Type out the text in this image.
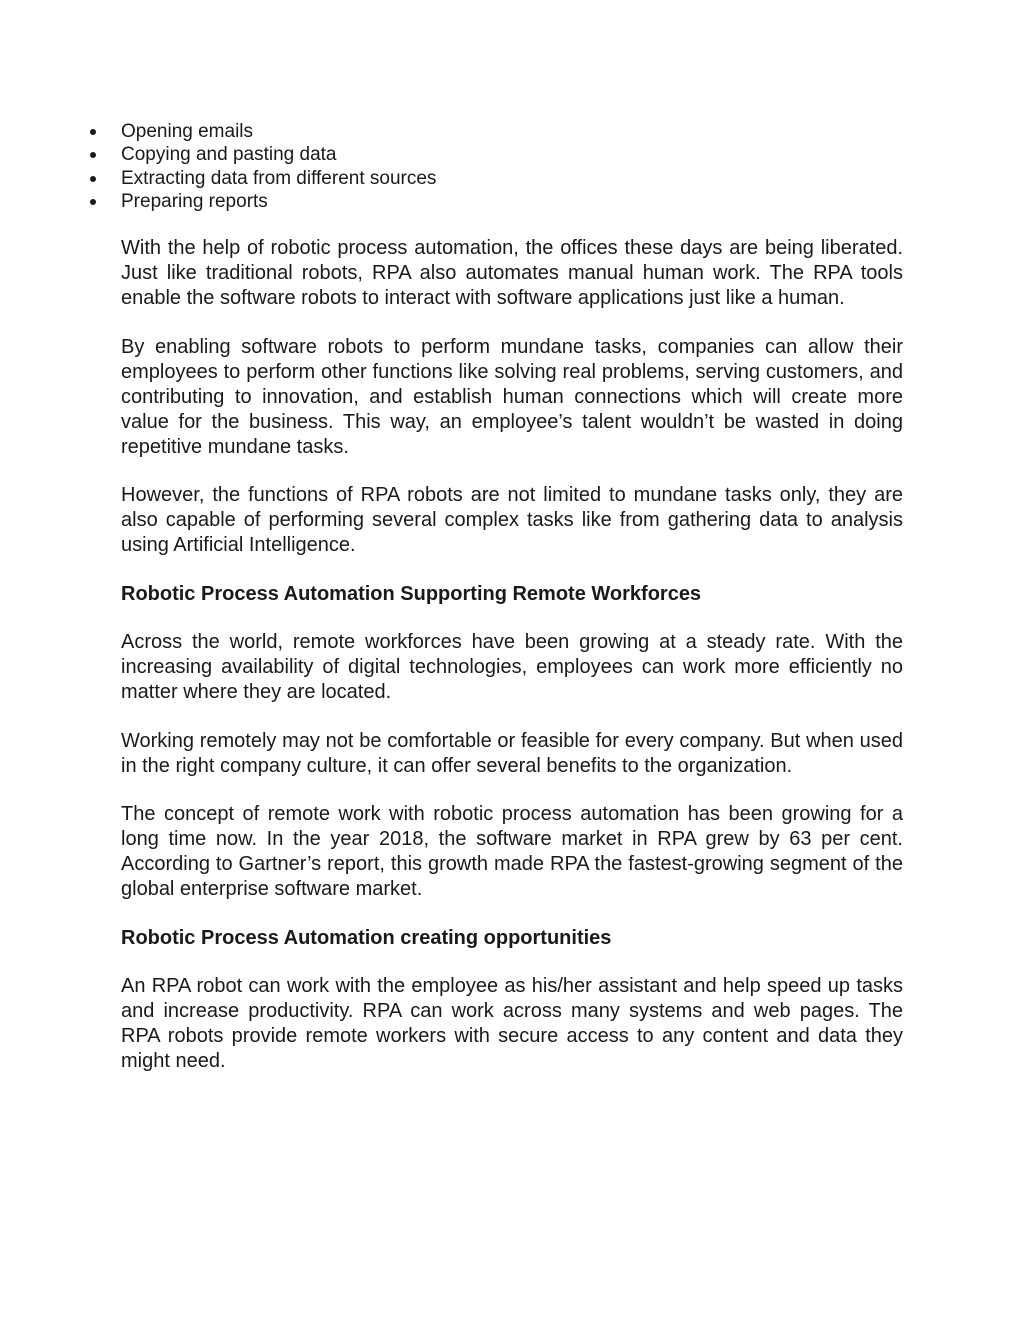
Opening emails
Copying and pasting data
Extracting data from different sources
Preparing reports

With the help of robotic process automation, the offices these days are being liberated. Just like traditional robots, RPA also automates manual human work. The RPA tools enable the software robots to interact with software applications just like a human.

By enabling software robots to perform mundane tasks, companies can allow their employees to perform other functions like solving real problems, serving customers, and contributing to innovation, and establish human connections which will create more value for the business. This way, an employee’s talent wouldn’t be wasted in doing repetitive mundane tasks.

However, the functions of RPA robots are not limited to mundane tasks only, they are also capable of performing several complex tasks like from gathering data to analysis using Artificial Intelligence.

Robotic Process Automation Supporting Remote Workforces

Across the world, remote workforces have been growing at a steady rate. With the increasing availability of digital technologies, employees can work more efficiently no matter where they are located.

Working remotely may not be comfortable or feasible for every company. But when used in the right company culture, it can offer several benefits to the organization.

The concept of remote work with robotic process automation has been growing for a long time now. In the year 2018, the software market in RPA grew by 63 per cent. According to Gartner’s report, this growth made RPA the fastest-growing segment of the global enterprise software market.

Robotic Process Automation creating opportunities

An RPA robot can work with the employee as his/her assistant and help speed up tasks and increase productivity. RPA can work across many systems and web pages. The RPA robots provide remote workers with secure access to any content and data they might need.
